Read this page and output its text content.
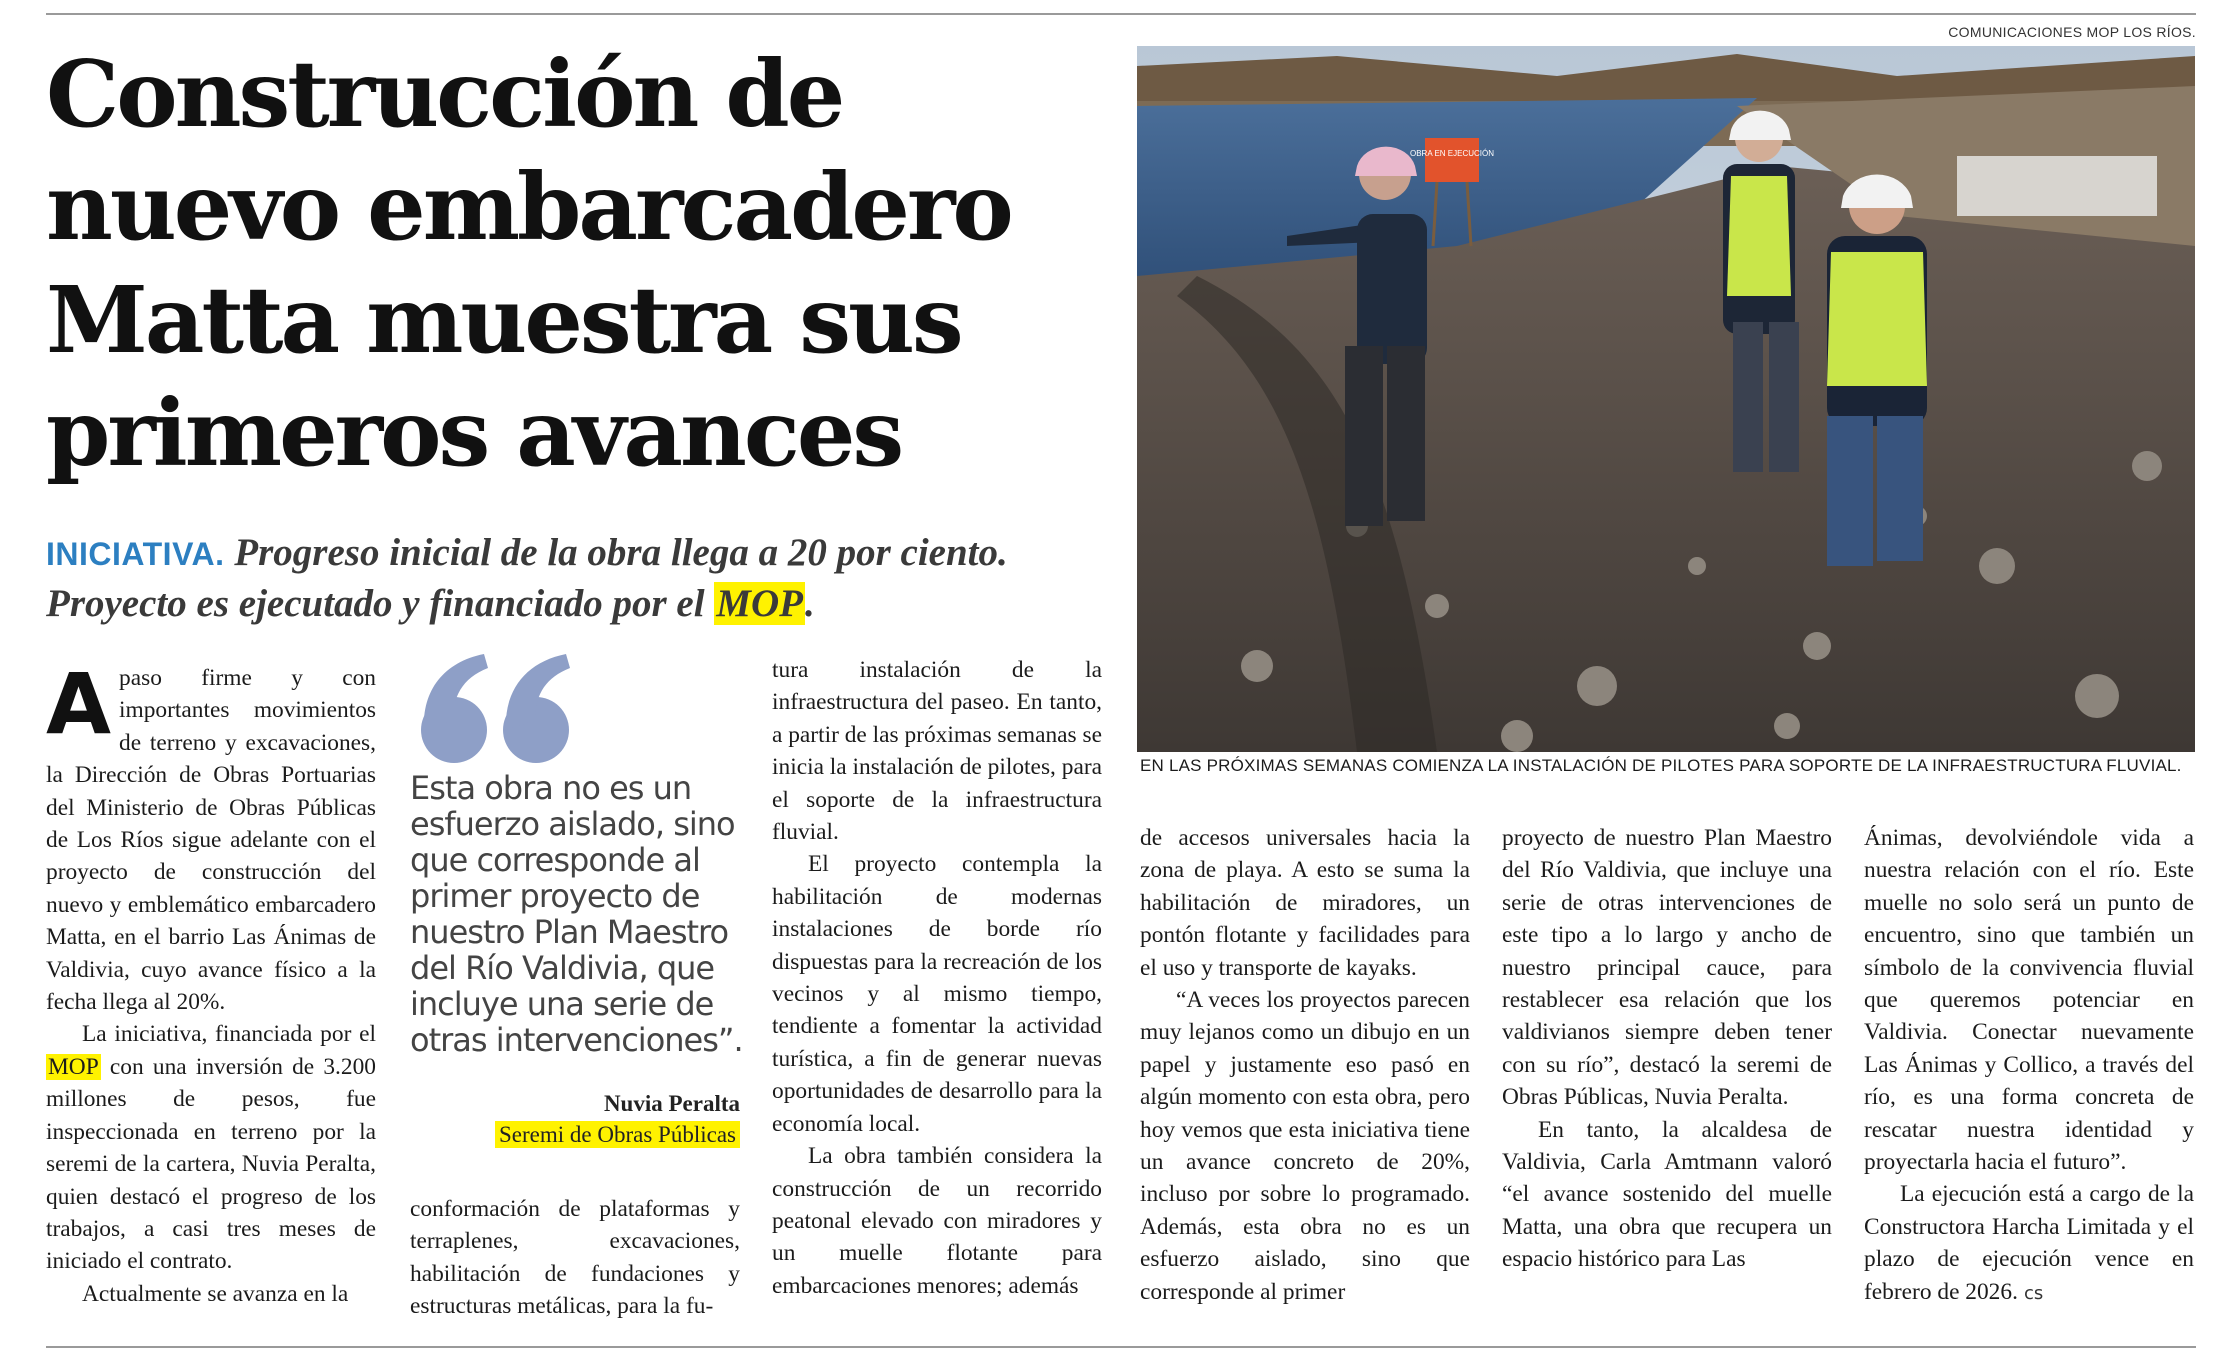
Construcción de nuevo embarcadero Matta muestra sus primeros avances

INICIATIVA. Progreso inicial de la obra llega a 20 por ciento. Proyecto es ejecutado y financiado por el MOP.

Apaso firme y con importantes movimientos de terreno y excavaciones, la Dirección de Obras Portuarias del Ministerio de Obras Públicas de Los Ríos sigue adelante con el proyecto de construcción del nuevo y emblemático embarcadero Matta, en el barrio Las Ánimas de Valdivia, cuyo avance físico a la fecha llega al 20%.

La iniciativa, financiada por el MOP con una inversión de 3.200 millones de pesos, fue inspeccionada en terreno por la seremi de la cartera, Nuvia Peralta, quien destacó el progreso de los trabajos, a casi tres meses de iniciado el contrato.

Actualmente se avanza en la

Esta obra no es un esfuerzo aislado, sino que corresponde al primer proyecto de nuestro Plan Maestro del Río Valdivia, que incluye una serie de otras intervenciones”.

Nuvia Peralta
Seremi de Obras Públicas

conformación de plataformas y terraplenes, excavaciones, habilitación de fundaciones y estructuras metálicas, para la fu-

tura instalación de la infraestructura del paseo. En tanto, a partir de las próximas semanas se inicia la instalación de pilotes, para el soporte de la infraestructura fluvial.

El proyecto contempla la habilitación de modernas instalaciones de borde río dispuestas para la recreación de los vecinos y al mismo tiempo, tendiente a fomentar la actividad turística, a fin de generar nuevas oportunidades de desarrollo para la economía local.

La obra también considera la construcción de un recorrido peatonal elevado con miradores y un muelle flotante para embarcaciones menores; además

COMUNICACIONES MOP LOS RÍOS.

OBRA EN EJECUCIÓN

EN LAS PRÓXIMAS SEMANAS COMIENZA LA INSTALACIÓN DE PILOTES PARA SOPORTE DE LA INFRAESTRUCTURA FLUVIAL.

de accesos universales hacia la zona de playa. A esto se suma la habilitación de miradores, un pontón flotante y facilidades para el uso y transporte de kayaks.

“A veces los proyectos parecen muy lejanos como un dibujo en un papel y justamente eso pasó en algún momento con esta obra, pero hoy vemos que esta iniciativa tiene un avance concreto de 20%, incluso por sobre lo programado. Además, esta obra no es un esfuerzo aislado, sino que corresponde al primer

proyecto de nuestro Plan Maestro del Río Valdivia, que incluye una serie de otras intervenciones de este tipo a lo largo y ancho de nuestro principal cauce, para restablecer esa relación que los valdivianos siempre deben tener con su río”, destacó la seremi de Obras Públicas, Nuvia Peralta.

En tanto, la alcaldesa de Valdivia, Carla Amtmann valoró “el avance sostenido del muelle Matta, una obra que recupera un espacio histórico para Las

Ánimas, devolviéndole vida a nuestra relación con el río. Este muelle no solo será un punto de encuentro, sino que también un símbolo de la convivencia fluvial que queremos potenciar en Valdivia. Conectar nuevamente Las Ánimas y Collico, a través del río, es una forma concreta de rescatar nuestra identidad y proyectarla hacia el futuro”.

La ejecución está a cargo de la Constructora Harcha Limitada y el plazo de ejecución vence en febrero de 2026. cs
